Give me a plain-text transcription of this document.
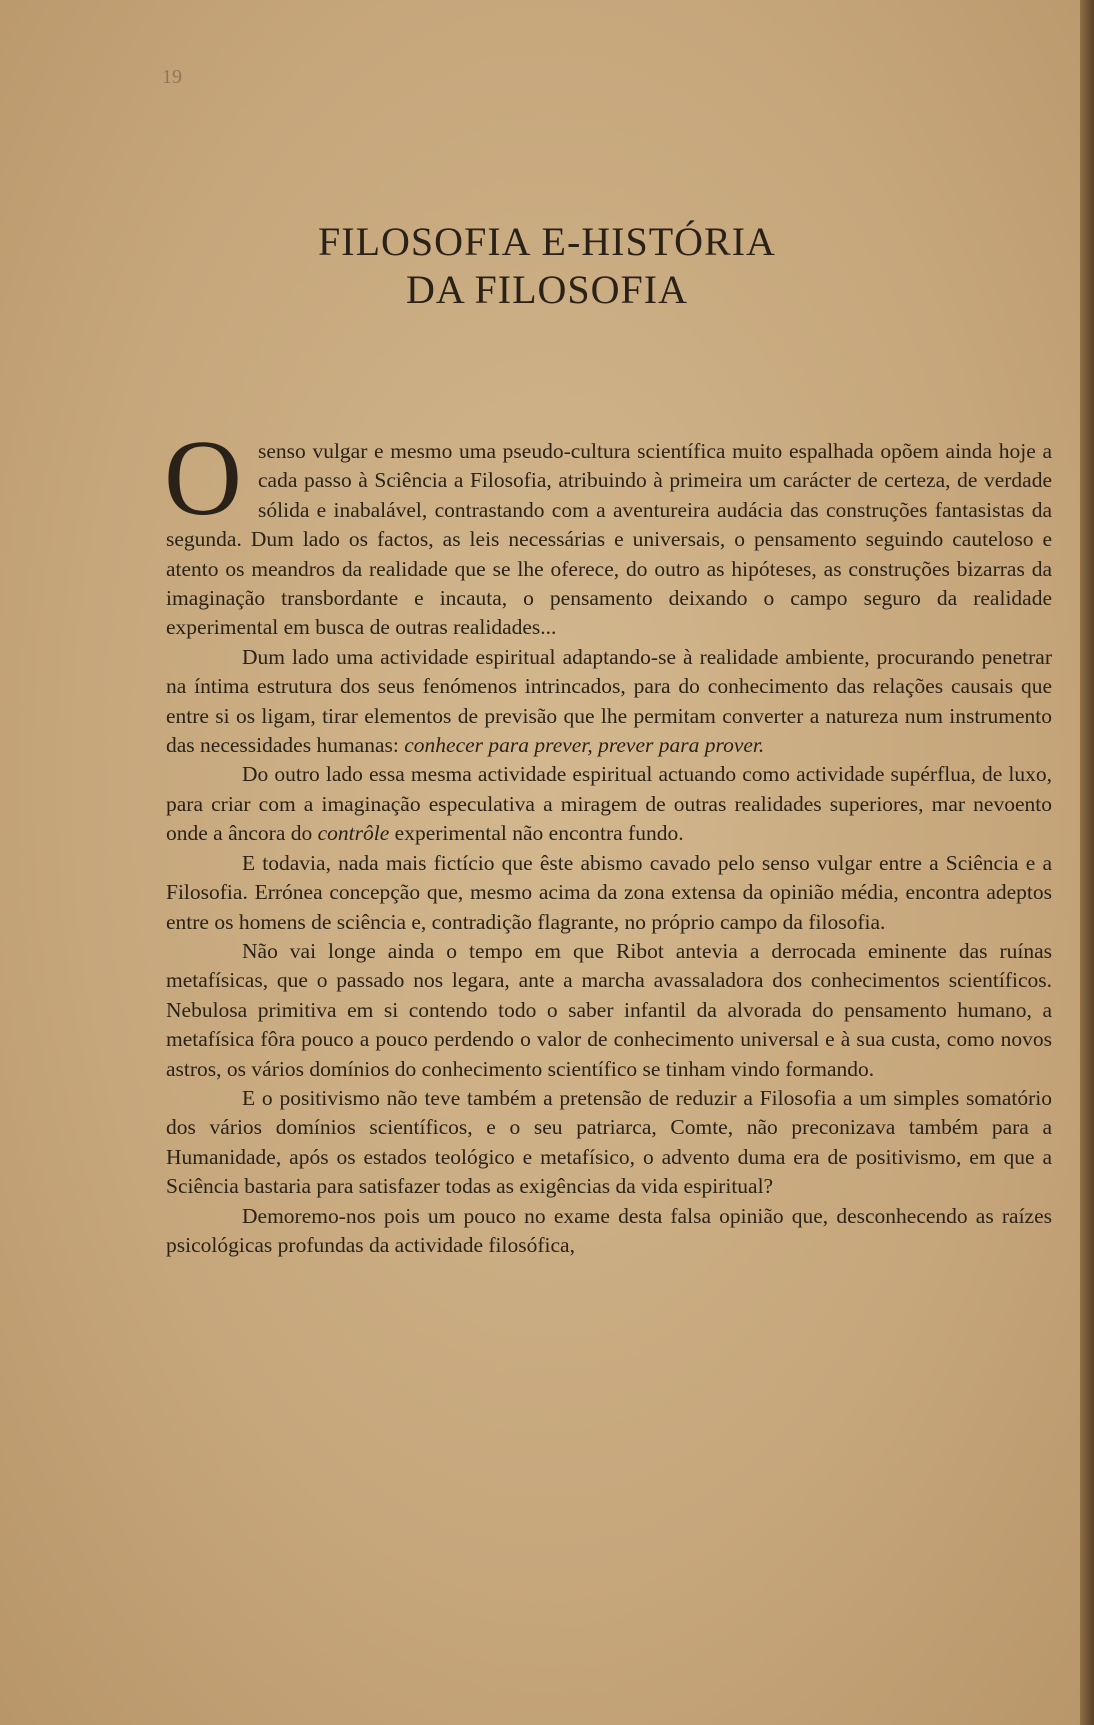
19
FILOSOFIA E-HISTÓRIA
DA FILOSOFIA

Osenso vulgar e mesmo uma pseudo-cultura scientífica muito espalhada opõem ainda hoje a cada passo à Sciência a Filosofia, atribuindo à primeira um carácter de certeza, de verdade sólida e inabalável, contrastando com a aventureira audácia das construções fantasistas da segunda. Dum lado os factos, as leis necessárias e universais, o pensamento seguindo cauteloso e atento os meandros da realidade que se lhe oferece, do outro as hipóteses, as construções bizarras da imaginação transbordante e incauta, o pensamento deixando o campo seguro da realidade experimental em busca de outras realidades...

Dum lado uma actividade espiritual adaptando-se à realidade ambiente, procurando penetrar na íntima estrutura dos seus fenómenos intrincados, para do conhecimento das relações causais que entre si os ligam, tirar elementos de previsão que lhe permitam converter a natureza num instrumento das necessidades humanas: conhecer para prever, prever para prover.

Do outro lado essa mesma actividade espiritual actuando como actividade supérflua, de luxo, para criar com a imaginação especulativa a miragem de outras realidades superiores, mar nevoento onde a âncora do contrôle experimental não encontra fundo.

E todavia, nada mais fictício que êste abismo cavado pelo senso vulgar entre a Sciência e a Filosofia. Errónea concepção que, mesmo acima da zona extensa da opinião média, encontra adeptos entre os homens de sciência e, contradição flagrante, no próprio campo da filosofia.

Não vai longe ainda o tempo em que Ribot antevia a derrocada eminente das ruínas metafísicas, que o passado nos legara, ante a marcha avassaladora dos conhecimentos scientíficos. Nebulosa primitiva em si contendo todo o saber infantil da alvorada do pensamento humano, a metafísica fôra pouco a pouco perdendo o valor de conhecimento universal e à sua custa, como novos astros, os vários domínios do conhecimento scientífico se tinham vindo formando.

E o positivismo não teve também a pretensão de reduzir a Filosofia a um simples somatório dos vários domínios scientíficos, e o seu patriarca, Comte, não preconizava também para a Humanidade, após os estados teológico e metafísico, o advento duma era de positivismo, em que a Sciência bastaria para satisfazer todas as exigências da vida espiritual?

Demoremo-nos pois um pouco no exame desta falsa opinião que, desconhecendo as raízes psicológicas profundas da actividade filosófica,
